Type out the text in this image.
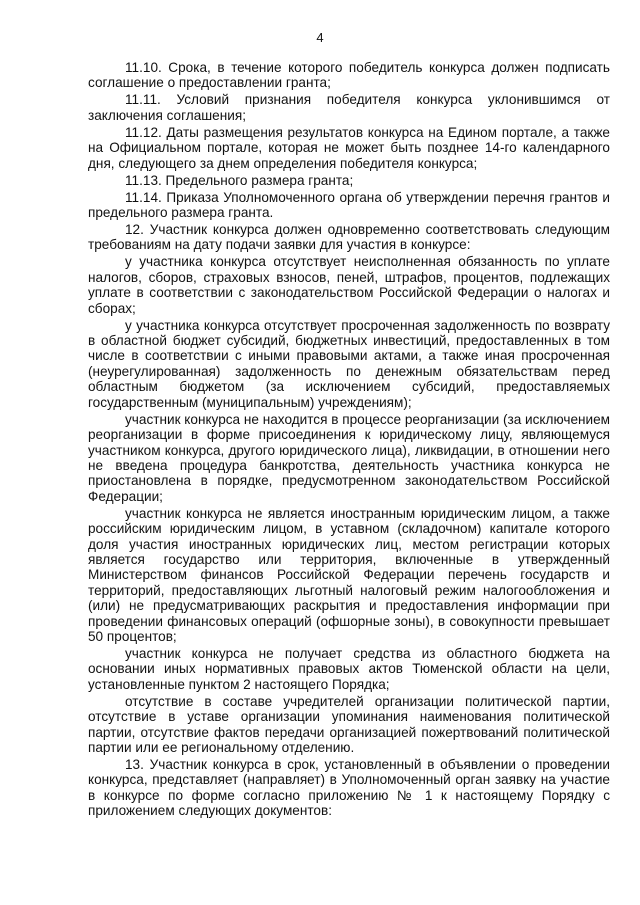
4

11.10. Срока, в течение которого победитель конкурса должен подписать соглашение о предоставлении гранта;

11.11. Условий признания победителя конкурса уклонившимся от заключения соглашения;

11.12. Даты размещения результатов конкурса на Едином портале, а также на Официальном портале, которая не может быть позднее 14-го календарного дня, следующего за днем определения победителя конкурса;

11.13. Предельного размера гранта;

11.14. Приказа Уполномоченного органа об утверждении перечня грантов и предельного размера гранта.

12. Участник конкурса должен одновременно соответствовать следующим требованиям на дату подачи заявки для участия в конкурсе:

у участника конкурса отсутствует неисполненная обязанность по уплате налогов, сборов, страховых взносов, пеней, штрафов, процентов, подлежащих уплате в соответствии с законодательством Российской Федерации о налогах и сборах;

у участника конкурса отсутствует просроченная задолженность по возврату в областной бюджет субсидий, бюджетных инвестиций, предоставленных в том числе в соответствии с иными правовыми актами, а также иная просроченная (неурегулированная) задолженность по денежным обязательствам перед областным бюджетом (за исключением субсидий, предоставляемых государственным (муниципальным) учреждениям);

участник конкурса не находится в процессе реорганизации (за исключением реорганизации в форме присоединения к юридическому лицу, являющемуся участником конкурса, другого юридического лица), ликвидации, в отношении него не введена процедура банкротства, деятельность участника конкурса не приостановлена в порядке, предусмотренном законодательством Российской Федерации;

участник конкурса не является иностранным юридическим лицом, а также российским юридическим лицом, в уставном (складочном) капитале которого доля участия иностранных юридических лиц, местом регистрации которых является государство или территория, включенные в утвержденный Министерством финансов Российской Федерации перечень государств и территорий, предоставляющих льготный налоговый режим налогообложения и (или) не предусматривающих раскрытия и предоставления информации при проведении финансовых операций (офшорные зоны), в совокупности превышает 50 процентов;

участник конкурса не получает средства из областного бюджета на основании иных нормативных правовых актов Тюменской области на цели, установленные пунктом 2 настоящего Порядка;

отсутствие в составе учредителей организации политической партии, отсутствие в уставе организации упоминания наименования политической партии, отсутствие фактов передачи организацией пожертвований политической партии или ее региональному отделению.

13. Участник конкурса в срок, установленный в объявлении о проведении конкурса, представляет (направляет) в Уполномоченный орган заявку на участие в конкурсе по форме согласно приложению № 1 к настоящему Порядку с приложением следующих документов:
